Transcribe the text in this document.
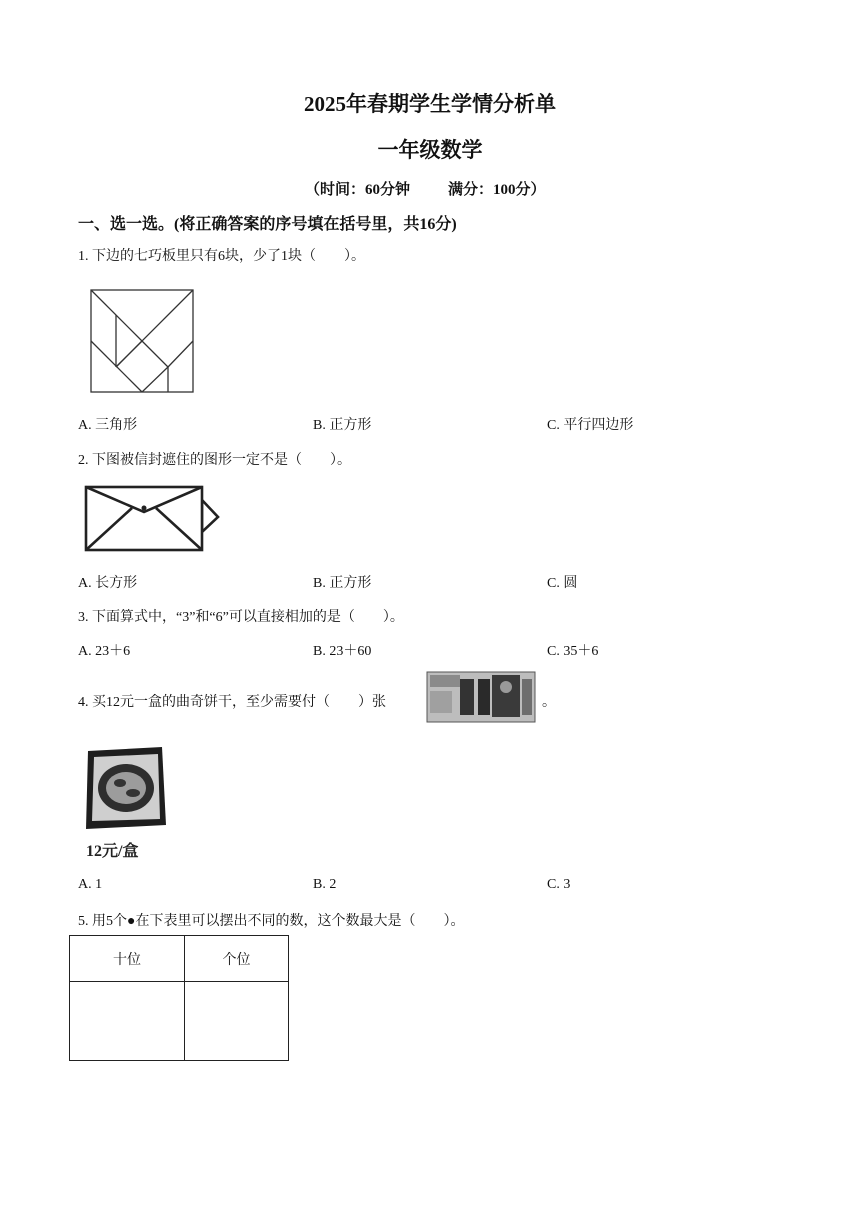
2025年春期学生学情分析单
一年级数学
（时间：60分钟	满分：100分）
一、选一选。(将正确答案的序号填在括号里，共16分)
1. 下边的七巧板里只有6块，少了1块（ ）。
A. 三角形	B. 正方形	C. 平行四边形
2. 下图被信封遮住的图形一定不是（ ）。
A. 长方形	B. 正方形	C. 圆
3. 下面算式中，“3”和“6”可以直接相加的是（ ）。
A. 23＋6	B. 23＋60	C. 35＋6
4. 买12元一盒的曲奇饼干，至少需要付（ ）张	。
12元/盒
A. 1	B. 2	C. 3
5. 用5个●在下表里可以摆出不同的数，这个数最大是（ ）。
十位	个位
